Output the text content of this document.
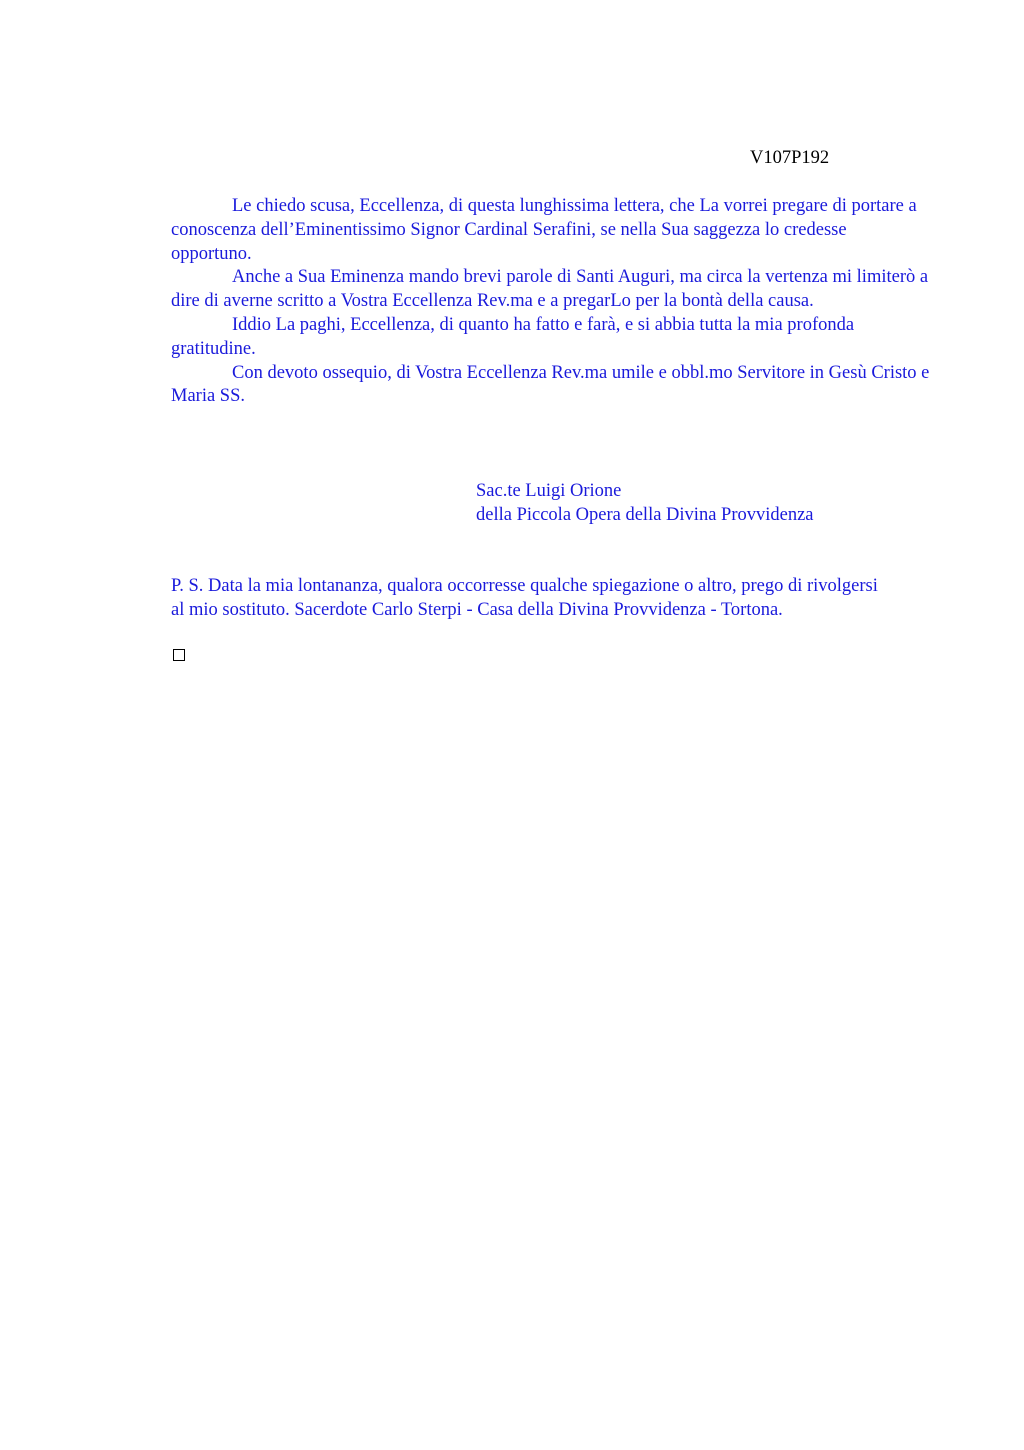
V107P192

Le chiedo scusa, Eccellenza, di questa lunghissima lettera, che La vorrei pregare di portare a conoscenza dell’Eminentissimo Signor Cardinal Serafini, se nella Sua saggezza lo credesse opportuno.

Anche a Sua Eminenza mando brevi parole di Santi Auguri, ma circa la vertenza mi limiterò a dire di averne scritto a Vostra Eccellenza Rev.ma e a pregarLo per la bontà della causa.

Iddio La paghi, Eccellenza, di quanto ha fatto e farà, e si abbia tutta la mia profonda gratitudine.

Con devoto ossequio, di Vostra Eccellenza Rev.ma umile e obbl.mo Servitore in Gesù Cristo e Maria SS.

Sac.te Luigi Orione
della Piccola Opera della Divina Provvidenza

P. S. Data la mia lontananza, qualora occorresse qualche spiegazione o altro, prego di rivolgersi al mio sostituto. Sacerdote Carlo Sterpi - Casa della Divina Provvidenza - Tortona.
